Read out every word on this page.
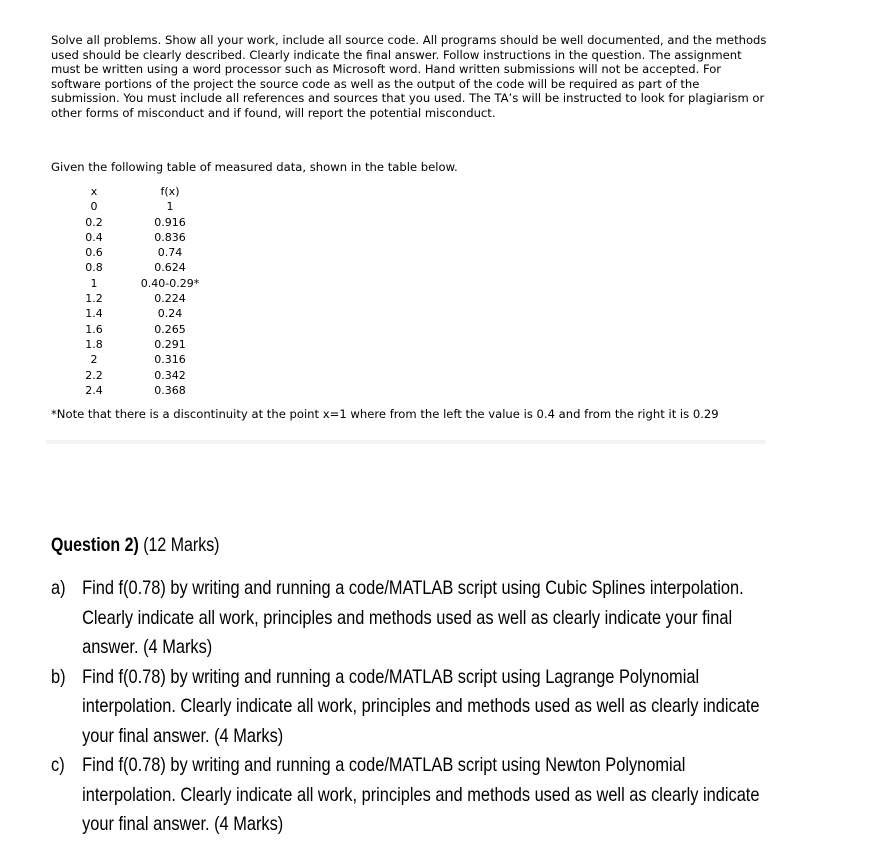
Solve all problems. Show all your work, include all source code. All programs should be well documented, and the methods used should be clearly described. Clearly indicate the final answer. Follow instructions in the question. The assignment must be written using a word processor such as Microsoft word. Hand written submissions will not be accepted. For software portions of the project the source code as well as the output of the code will be required as part of the submission. You must include all references and sources that you used. The TA’s will be instructed to look for plagiarism or other forms of misconduct and if found, will report the potential misconduct.

Given the following table of measured data, shown in the table below.
x	f(x)
0	1
0.2	0.916
0.4	0.836
0.6	0.74
0.8	0.624
1	0.40-0.29*
1.2	0.224
1.4	0.24
1.6	0.265
1.8	0.291
2	0.316
2.2	0.342
2.4	0.368
*Note that there is a discontinuity at the point x=1 where from the left the value is 0.4 and from the right it is 0.29
Question 2) (12 Marks)
a) Find f(0.78) by writing and running a code/MATLAB script using Cubic Splines interpolation. Clearly indicate all work, principles and methods used as well as clearly indicate your final answer. (4 Marks)
b) Find f(0.78) by writing and running a code/MATLAB script using Lagrange Polynomial interpolation. Clearly indicate all work, principles and methods used as well as clearly indicate your final answer. (4 Marks)
c) Find f(0.78) by writing and running a code/MATLAB script using Newton Polynomial interpolation. Clearly indicate all work, principles and methods used as well as clearly indicate your final answer. (4 Marks)
